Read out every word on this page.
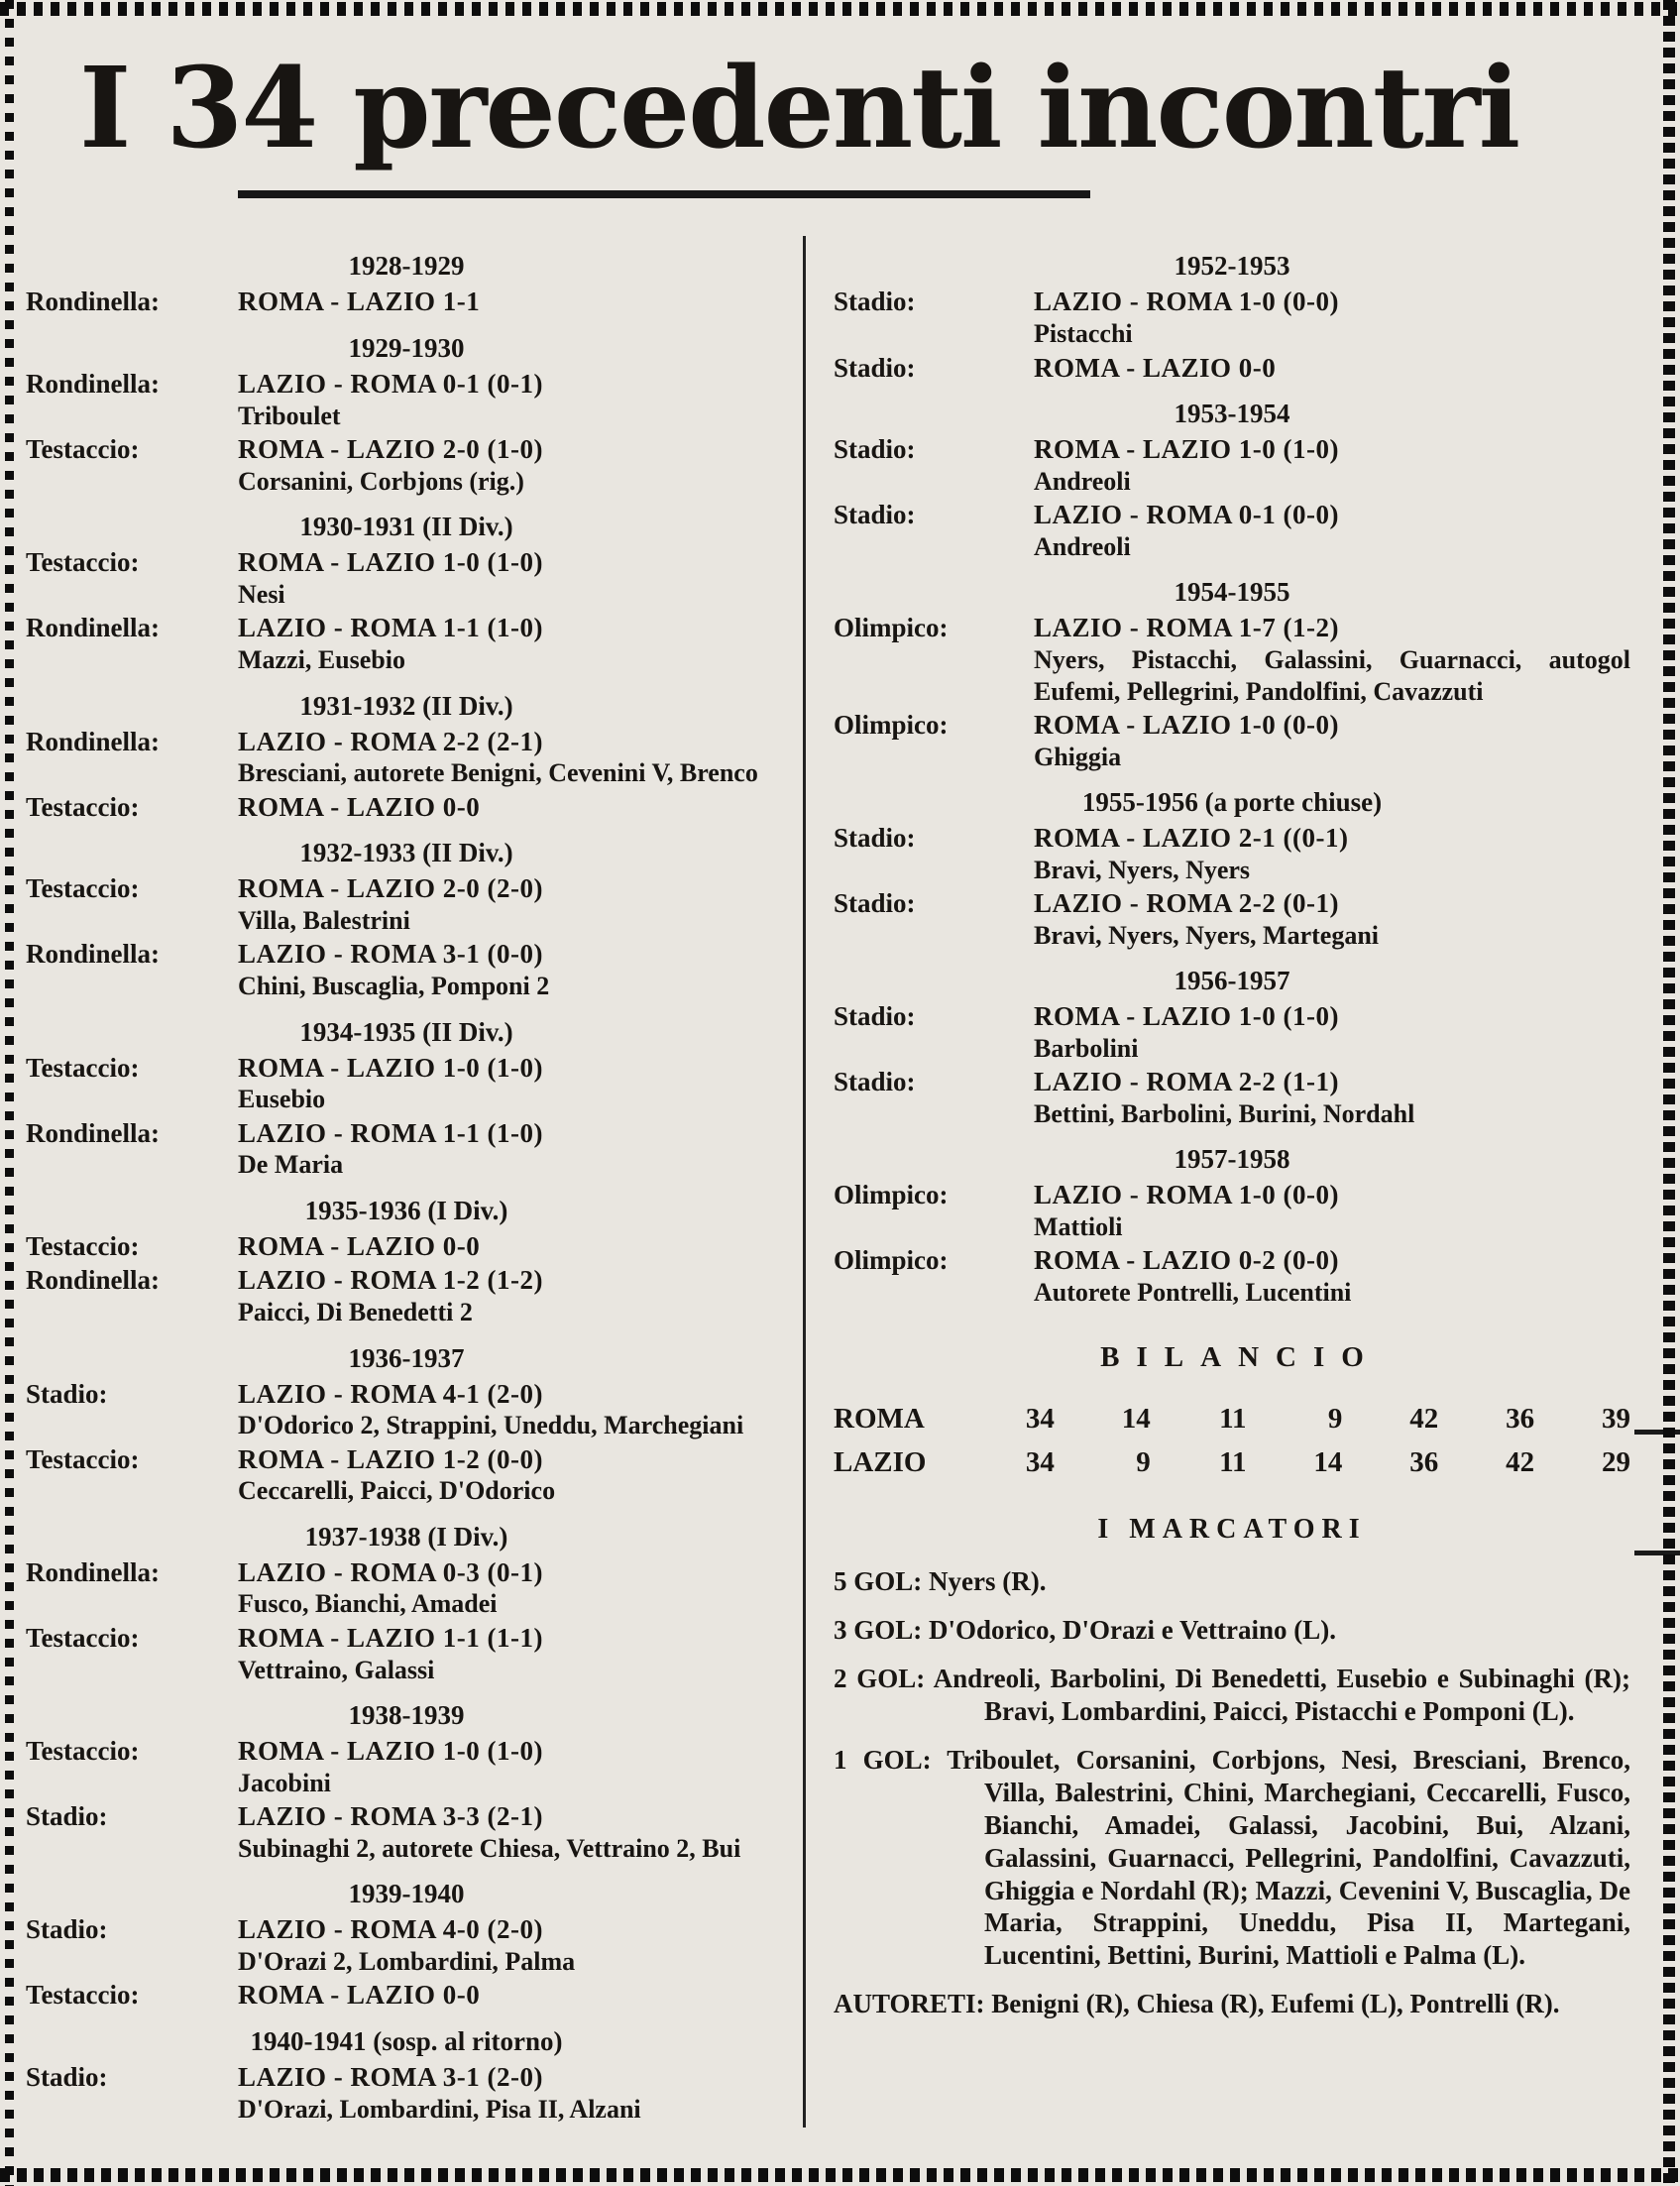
I 34 precedenti incontri
1928-1929
Rondinella:	ROMA - LAZIO 1-1
1929-1930
Rondinella:	LAZIO - ROMA 0-1 (0-1)
Triboulet
Testaccio:	ROMA - LAZIO 2-0 (1-0)
Corsanini, Corbjons (rig.)
1930-1931 (II Div.)
Testaccio:	ROMA - LAZIO 1-0 (1-0)
Nesi
Rondinella:	LAZIO - ROMA 1-1 (1-0)
Mazzi, Eusebio
1931-1932 (II Div.)
Rondinella:	LAZIO - ROMA 2-2 (2-1)
Bresciani, autorete Benigni, Cevenini V, Brenco
Testaccio:	ROMA - LAZIO 0-0
1932-1933 (II Div.)
Testaccio:	ROMA - LAZIO 2-0 (2-0)
Villa, Balestrini
Rondinella:	LAZIO - ROMA 3-1 (0-0)
Chini, Buscaglia, Pomponi 2
1934-1935 (II Div.)
Testaccio:	ROMA - LAZIO 1-0 (1-0)
Eusebio
Rondinella:	LAZIO - ROMA 1-1 (1-0)
De Maria
1935-1936 (I Div.)
Testaccio:	ROMA - LAZIO 0-0
Rondinella:	LAZIO - ROMA 1-2 (1-2)
Paicci, Di Benedetti 2
1936-1937
Stadio:	LAZIO - ROMA 4-1 (2-0)
D'Odorico 2, Strappini, Uneddu, Marchegiani
Testaccio:	ROMA - LAZIO 1-2 (0-0)
Ceccarelli, Paicci, D'Odorico
1937-1938 (I Div.)
Rondinella:	LAZIO - ROMA 0-3 (0-1)
Fusco, Bianchi, Amadei
Testaccio:	ROMA - LAZIO 1-1 (1-1)
Vettraino, Galassi
1938-1939
Testaccio:	ROMA - LAZIO 1-0 (1-0)
Jacobini
Stadio:	LAZIO - ROMA 3-3 (2-1)
Subinaghi 2, autorete Chiesa, Vettraino 2, Bui
1939-1940
Stadio:	LAZIO - ROMA 4-0 (2-0)
D'Orazi 2, Lombardini, Palma
Testaccio:	ROMA - LAZIO 0-0
1940-1941 (sosp. al ritorno)
Stadio:	LAZIO - ROMA 3-1 (2-0)
D'Orazi, Lombardini, Pisa II, Alzani
1952-1953
Stadio:	LAZIO - ROMA 1-0 (0-0)
Pistacchi
Stadio:	ROMA - LAZIO 0-0
1953-1954
Stadio:	ROMA - LAZIO 1-0 (1-0)
Andreoli
Stadio:	LAZIO - ROMA 0-1 (0-0)
Andreoli
1954-1955
Olimpico:	LAZIO - ROMA 1-7 (1-2)
Nyers, Pistacchi, Galassini, Guarnacci, autogol Eufemi, Pellegrini, Pandolfini, Cavazzuti
Olimpico:	ROMA - LAZIO 1-0 (0-0)
Ghiggia
1955-1956 (a porte chiuse)
Stadio:	ROMA - LAZIO 2-1 ((0-1)
Bravi, Nyers, Nyers
Stadio:	LAZIO - ROMA 2-2 (0-1)
Bravi, Nyers, Nyers, Martegani
1956-1957
Stadio:	ROMA - LAZIO 1-0 (1-0)
Barbolini
Stadio:	LAZIO - ROMA 2-2 (1-1)
Bettini, Barbolini, Burini, Nordahl
1957-1958
Olimpico:	LAZIO - ROMA 1-0 (0-0)
Mattioli
Olimpico:	ROMA - LAZIO 0-2 (0-0)
Autorete Pontrelli, Lucentini
BILANCIO
ROMA	34	14	11	9	42	36	39
LAZIO	34	9	11	14	36	42	29
I MARCATORI
5 GOL: Nyers (R).
3 GOL: D'Odorico, D'Orazi e Vettraino (L).
2 GOL: Andreoli, Barbolini, Di Benedetti, Eusebio e Subinaghi (R); Bravi, Lombardini, Paicci, Pistacchi e Pomponi (L).
1 GOL: Triboulet, Corsanini, Corbjons, Nesi, Bresciani, Brenco, Villa, Balestrini, Chini, Marchegiani, Ceccarelli, Fusco, Bianchi, Amadei, Galassi, Jacobini, Bui, Alzani, Galassini, Guarnacci, Pellegrini, Pandolfini, Cavazzuti, Ghiggia e Nordahl (R); Mazzi, Cevenini V, Buscaglia, De Maria, Strappini, Uneddu, Pisa II, Martegani, Lucentini, Bettini, Burini, Mattioli e Palma (L).
AUTORETI: Benigni (R), Chiesa (R), Eufemi (L), Pontrelli (R).
